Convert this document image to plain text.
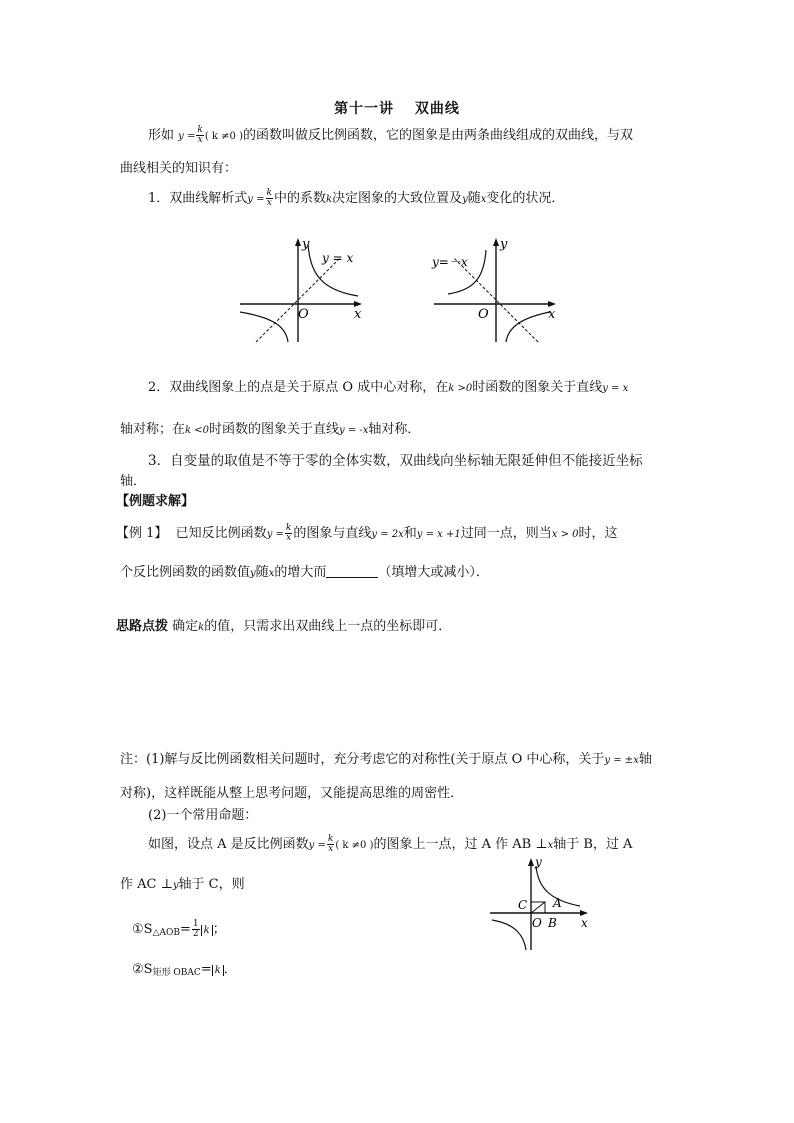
第十一讲　 双曲线
形如 $y = \frac{k}{x}$ ( k ≠0 )的函数叫做反比例函数，它的图象是由两条曲线组成的双曲线，与双
曲线相关的知识有：
1．双曲线解析式$y = \frac{k}{x}$ 中的系数k决定图象的大致位置及y随x变化的状况．
y
x
O
y = x
y
x
O
y=－x
2．双曲线图象上的点是关于原点 O 成中心对称，在k >0时函数的图象关于直线y = x
轴对称；在k <0时函数的图象关于直线y = -x轴对称．
3．自变量的取值是不等于零的全体实数，双曲线向坐标轴无限延伸但不能接近坐标
轴．
【例题求解】
【例 1】 已知反比例函数$y = \frac{k}{x}$ 的图象与直线y = 2x和y = x +1过同一点，则当x > 0时，这
个反比例函数的函数值y随x的增大而	（填增大或减小）．
思路点拨 确定k的值，只需求出双曲线上一点的坐标即可．
注：(1)解与反比例函数相关问题时，充分考虑它的对称性(关于原点 O 中心称，关于y = ±x轴
对称)，这样既能从整上思考问题，又能提高思维的周密性．
(2)一个常用命题：
如图，设点 A 是反比例函数$y = \frac{k}{x}$ ( k ≠0 )的图象上一点，过 A 作 AB ⊥x轴于 B，过 A
作 AC ⊥y轴于 C，则
$①S_{\triangle AOB}= \frac{1}{2}$ k ；
$②S_{矩形 OBAC}= k$ ．
y
x
O B
C A
